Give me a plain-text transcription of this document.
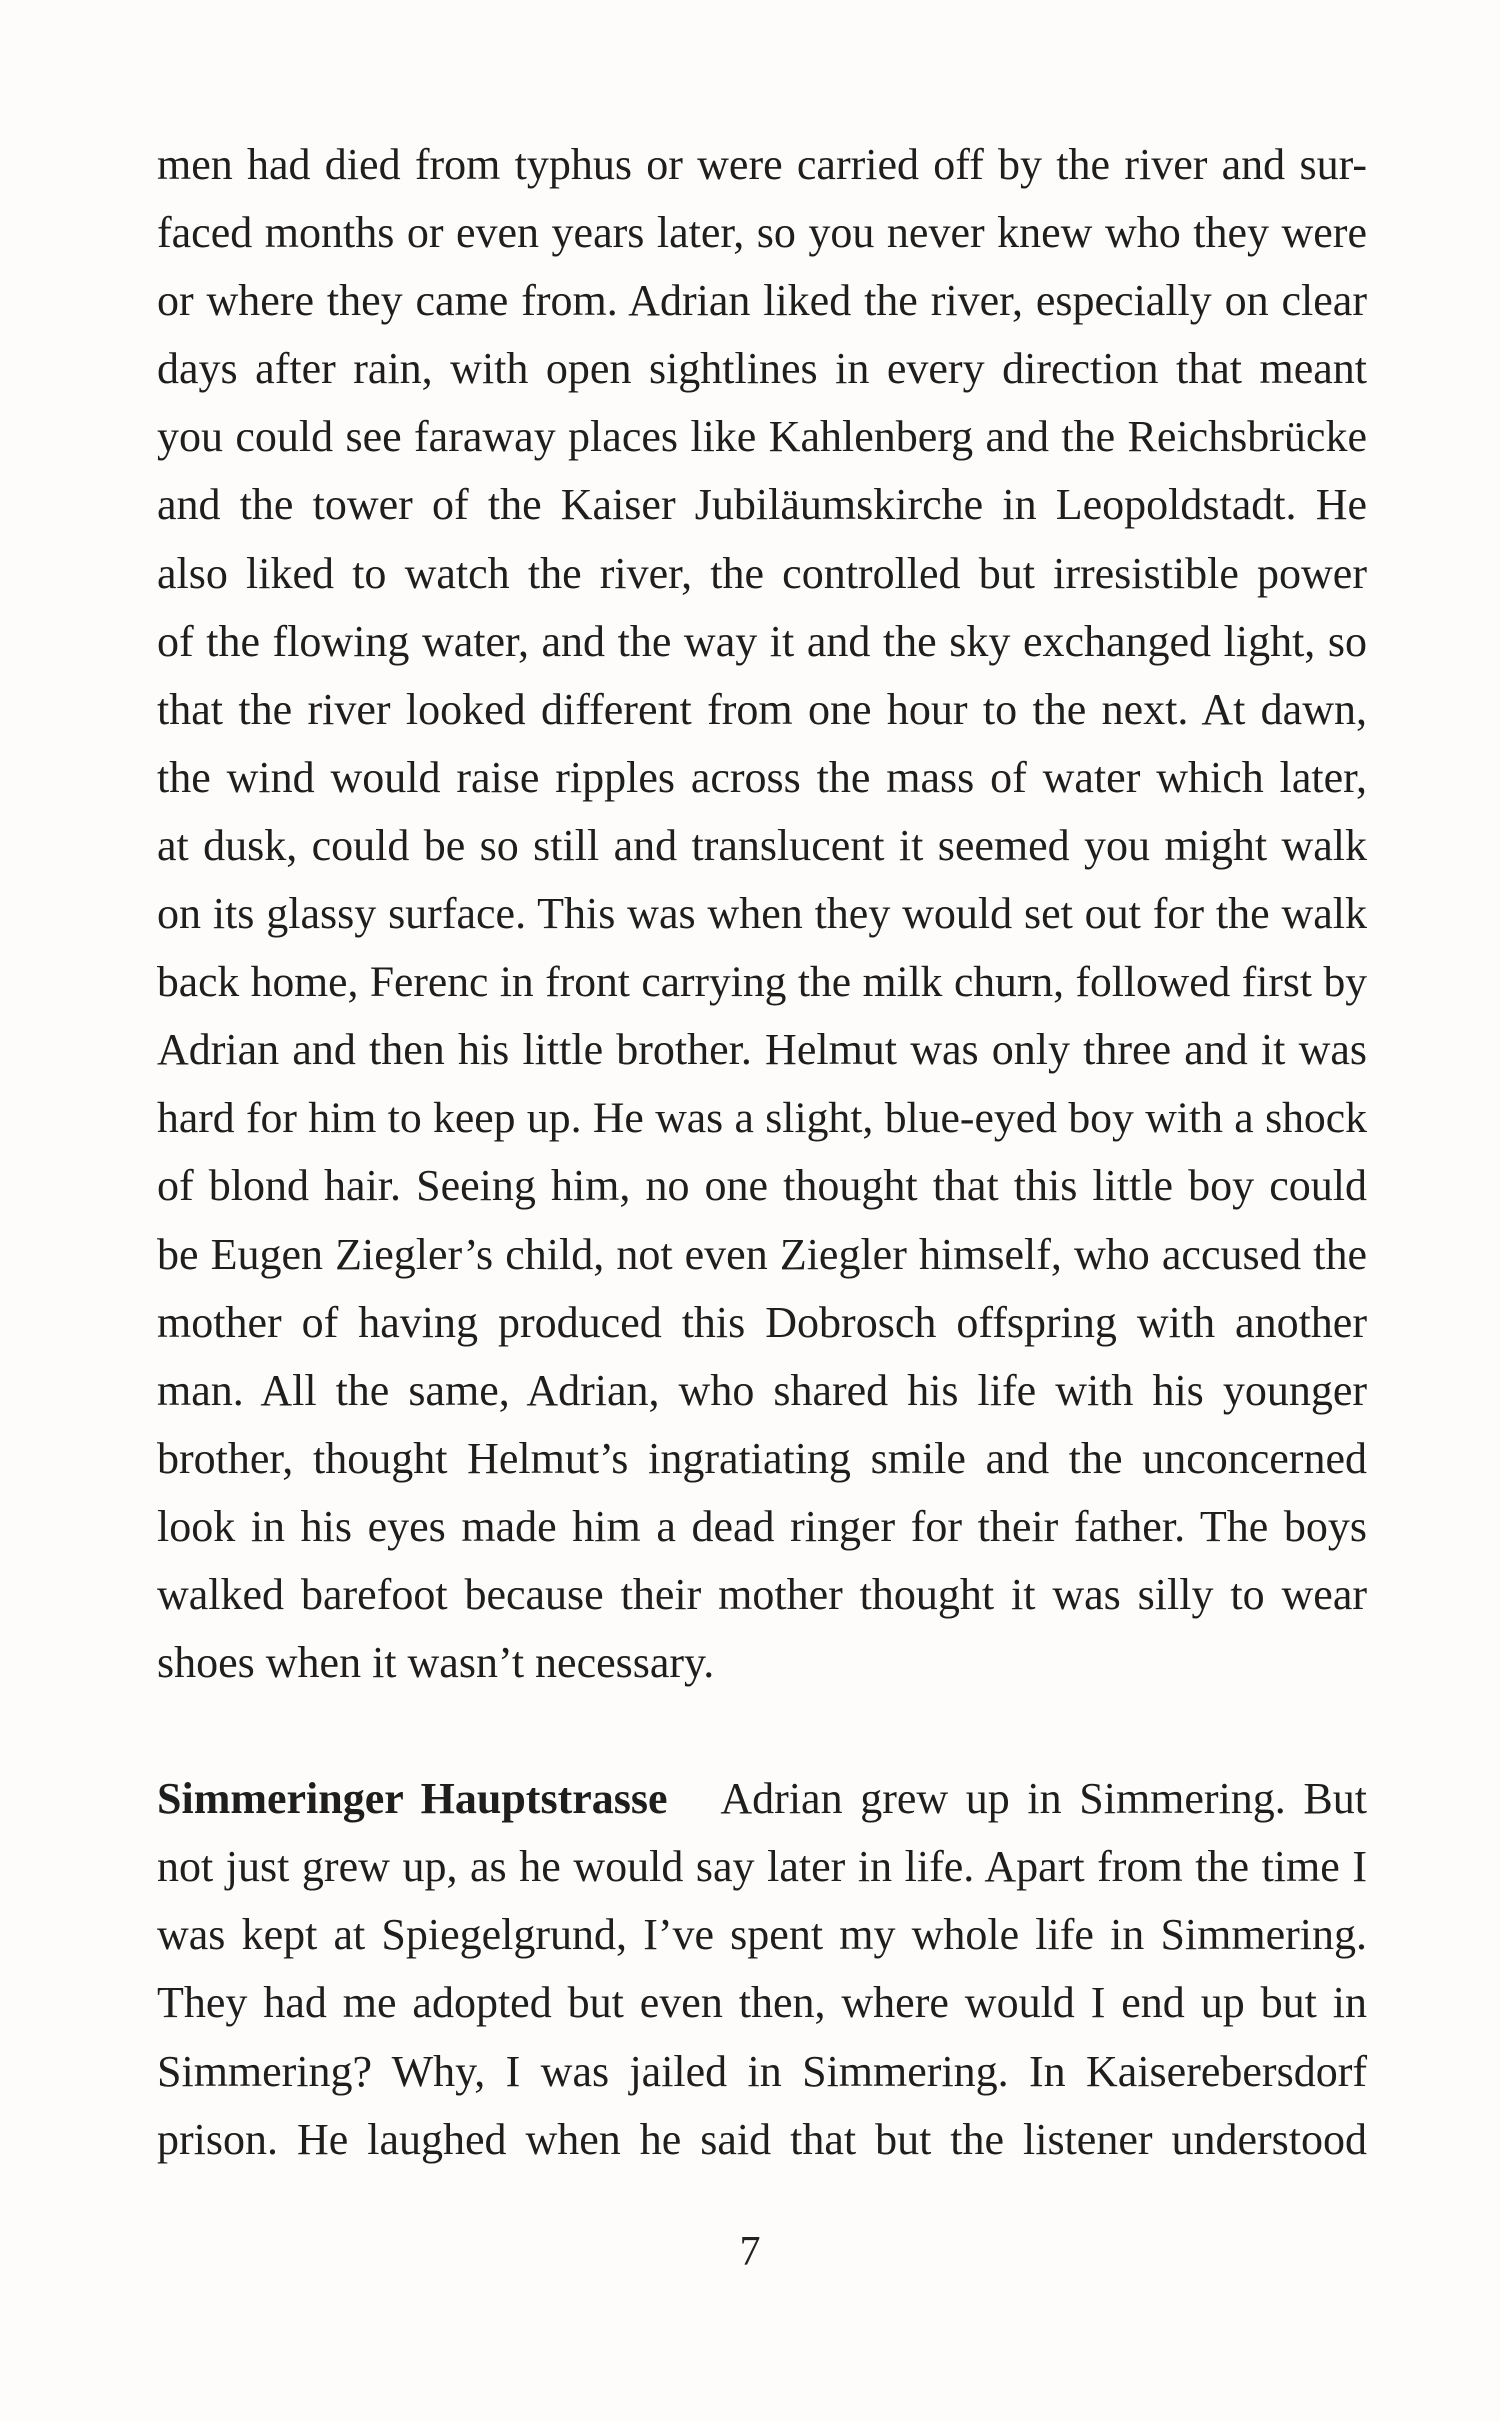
men had died from typhus or were carried off by the river and sur-
faced months or even years later, so you never knew who they were
or where they came from. Adrian liked the river, especially on clear
days after rain, with open sightlines in every direction that meant
you could see faraway places like Kahlenberg and the Reichsbrücke
and the tower of the Kaiser Jubiläumskirche in Leopoldstadt. He
also liked to watch the river, the controlled but irresistible power
of the flowing water, and the way it and the sky exchanged light, so
that the river looked different from one hour to the next. At dawn,
the wind would raise ripples across the mass of water which later,
at dusk, could be so still and translucent it seemed you might walk
on its glassy surface. This was when they would set out for the walk
back home, Ferenc in front carrying the milk churn, followed first by
Adrian and then his little brother. Helmut was only three and it was
hard for him to keep up. He was a slight, blue-eyed boy with a shock
of blond hair. Seeing him, no one thought that this little boy could
be Eugen Ziegler’s child, not even Ziegler himself, who accused the
mother of having produced this Dobrosch offspring with another
man. All the same, Adrian, who shared his life with his younger
brother, thought Helmut’s ingratiating smile and the unconcerned
look in his eyes made him a dead ringer for their father. The boys
walked barefoot because their mother thought it was silly to wear
shoes when it wasn’t necessary.
Simmeringer Hauptstrasse Adrian grew up in Simmering. But
not just grew up, as he would say later in life. Apart from the time I
was kept at Spiegelgrund, I’ve spent my whole life in Simmering.
They had me adopted but even then, where would I end up but in
Simmering? Why, I was jailed in Simmering. In Kaiserebersdorf
prison. He laughed when he said that but the listener understood
7
